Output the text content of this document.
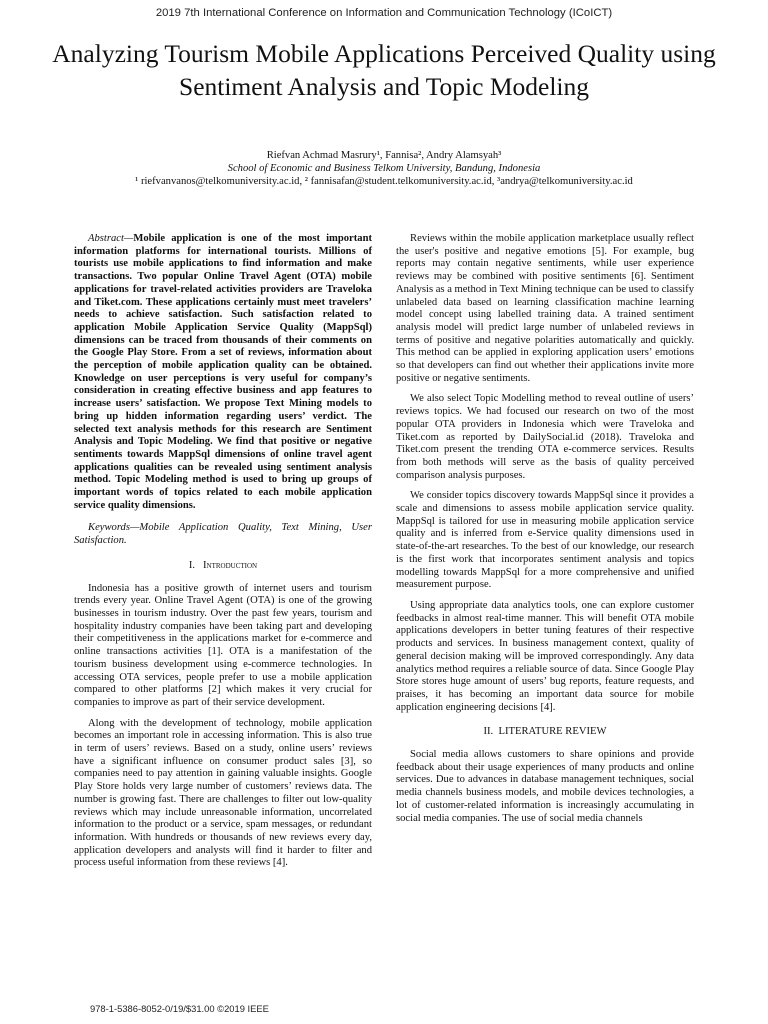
2019 7th International Conference on Information and Communication Technology (ICoICT)
Analyzing Tourism Mobile Applications Perceived Quality using Sentiment Analysis and Topic Modeling
Riefvan Achmad Masrury¹, Fannisa², Andry Alamsyah³
School of Economic and Business Telkom University, Bandung, Indonesia
¹ riefvanvanos@telkomuniversity.ac.id, ² fannisafan@student.telkomuniversity.ac.id, ³andrya@telkomuniversity.ac.id

Abstract—Mobile application is one of the most important information platforms for international tourists. Millions of tourists use mobile applications to find information and make transactions. Two popular Online Travel Agent (OTA) mobile applications for travel-related activities providers are Traveloka and Tiket.com. These applications certainly must meet travelers’ needs to achieve satisfaction. Such satisfaction related to application Mobile Application Service Quality (MappSql) dimensions can be traced from thousands of their comments on the Google Play Store. From a set of reviews, information about the perception of mobile application quality can be obtained. Knowledge on user perceptions is very useful for company’s consideration in creating effective business and app features to increase users’ satisfaction. We propose Text Mining models to bring up hidden information regarding users’ verdict. The selected text analysis methods for this research are Sentiment Analysis and Topic Modeling. We find that positive or negative sentiments towards MappSql dimensions of online travel agent applications qualities can be revealed using sentiment analysis method. Topic Modeling method is used to bring up groups of important words of topics related to each mobile application service quality dimensions.

Keywords—Mobile Application Quality, Text Mining, User Satisfaction.

I. Introduction

Indonesia has a positive growth of internet users and tourism trends every year. Online Travel Agent (OTA) is one of the growing businesses in tourism industry. Over the past few years, tourism and hospitality industry companies have been taking part and developing their competitiveness in the applications market for e-commerce and online transactions activities [1]. OTA is a manifestation of the tourism business development using e-commerce technologies. In accessing OTA services, people prefer to use a mobile application compared to other platforms [2] which makes it very crucial for companies to improve as part of their service development.

Along with the development of technology, mobile application becomes an important role in accessing information. This is also true in term of users’ reviews. Based on a study, online users’ reviews have a significant influence on consumer product sales [3], so companies need to pay attention in gaining valuable insights. Google Play Store holds very large number of customers’ reviews data. The number is growing fast. There are challenges to filter out low-quality reviews which may include unreasonable information, uncorrelated information to the product or a service, spam messages, or redundant information. With hundreds or thousands of new reviews every day, application developers and analysts will find it harder to filter and process useful information from these reviews [4].

Reviews within the mobile application marketplace usually reflect the user's positive and negative emotions [5]. For example, bug reports may contain negative sentiments, while user experience reviews may be combined with positive sentiments [6]. Sentiment Analysis as a method in Text Mining technique can be used to classify unlabeled data based on learning classification machine learning model concept using labelled training data. A trained sentiment analysis model will predict large number of unlabeled reviews in terms of positive and negative polarities automatically and quickly. This method can be applied in exploring application users’ emotions so that developers can find out whether their applications invite more positive or negative sentiments.

We also select Topic Modelling method to reveal outline of users’ reviews topics. We had focused our research on two of the most popular OTA providers in Indonesia which were Traveloka and Tiket.com as reported by DailySocial.id (2018). Traveloka and Tiket.com present the trending OTA e-commerce services. Results from both methods will serve as the basis of quality perceived comparison analysis purposes.

We consider topics discovery towards MappSql since it provides a scale and dimensions to assess mobile application service quality. MappSql is tailored for use in measuring mobile application service quality and is inferred from e-Service quality dimensions used in state-of-the-art researches. To the best of our knowledge, our research is the first work that incorporates sentiment analysis and topics modelling towards MappSql for a more comprehensive and unified measurement purpose.

Using appropriate data analytics tools, one can explore customer feedbacks in almost real-time manner. This will benefit OTA mobile applications developers in better tuning features of their respective products and services. In business management context, quality of general decision making will be improved correspondingly. Any data analytics method requires a reliable source of data. Since Google Play Store stores huge amount of users’ bug reports, feature requests, and praises, it has becoming an important data source for mobile application engineering decisions [4].

II. LITERATURE REVIEW

Social media allows customers to share opinions and provide feedback about their usage experiences of many products and online services. Due to advances in database management techniques, social media channels business models, and mobile devices technologies, a lot of customer-related information is increasingly accumulating in social media companies. The use of social media channels

978-1-5386-8052-0/19/$31.00 ©2019 IEEE
